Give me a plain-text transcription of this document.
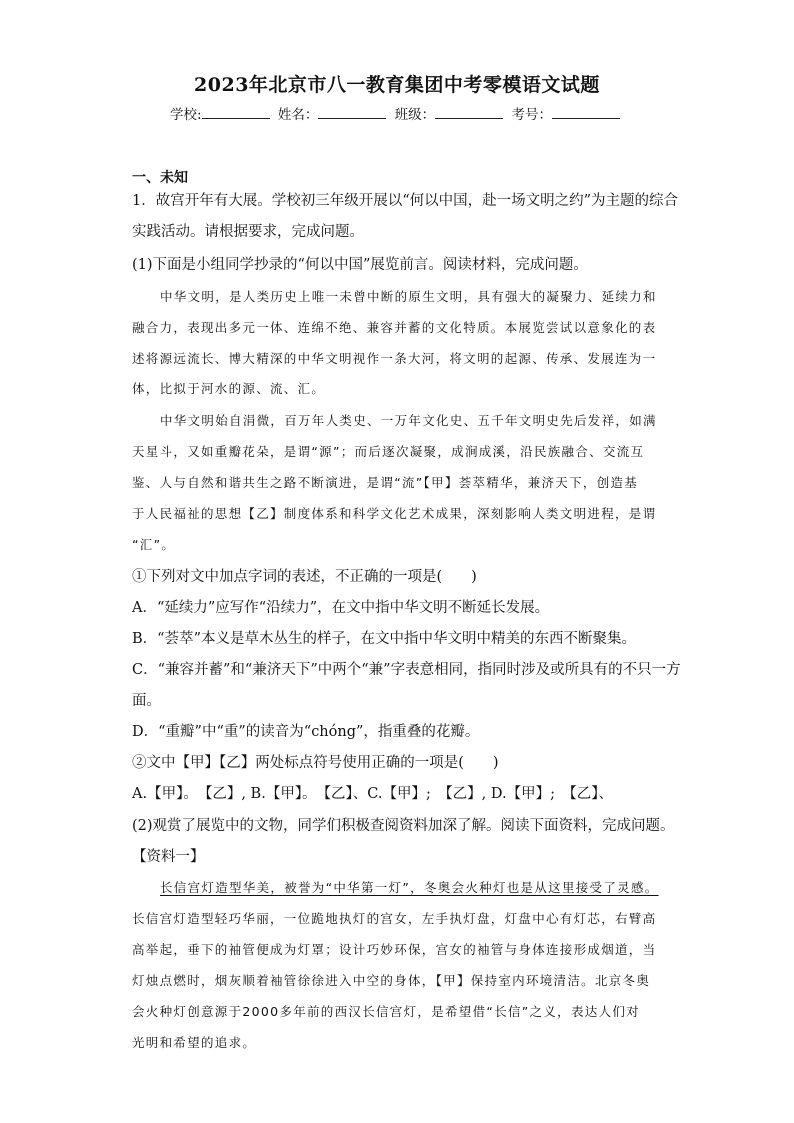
2023年北京市八一教育集团中考零模语文试题
学校:	姓名：	班级：	考号：
一、未知
1．故宫开年有大展。学校初三年级开展以“何以中国，赴一场文明之约”为主题的综合
实践活动。请根据要求，完成问题。
(1)下面是小组同学抄录的“何以中国”展览前言。阅读材料，完成问题。
中华文明，是人类历史上唯一未曾中断的原生文明，具有强大的凝聚力、延续力和
融合力，表现出多元一体、连绵不绝、兼容并蓄的文化特质。本展览尝试以意象化的表
述将源远流长、博大精深的中华文明视作一条大河，将文明的起源、传承、发展连为一
体，比拟于河水的源、流、汇。
中华文明始自涓微，百万年人类史、一万年文化史、五千年文明史先后发祥，如满
天星斗，又如重瓣花朵，是谓“源”；而后逐次凝聚，成涧成溪，沿民族融合、交流互
鉴、人与自然和谐共生之路不断演进，是谓“流”【甲】荟萃精华，兼济天下，创造基
于人民福祉的思想【乙】制度体系和科学文化艺术成果，深刻影响人类文明进程，是谓
“汇”。
①下列对文中加点字词的表述，不正确的一项是(　　)
A．“延续力”应写作“沿续力”，在文中指中华文明不断延长发展。
B．“荟萃”本义是草木丛生的样子，在文中指中华文明中精美的东西不断聚集。
C．“兼容并蓄”和“兼济天下”中两个“兼”字表意相同，指同时涉及或所具有的不只一方
面。
D．“重瓣”中“重”的读音为“chóng”，指重叠的花瓣。
②文中【甲】【乙】两处标点符号使用正确的一项是(　　)
A.【甲】。　【乙】, B.【甲】。　【乙】、C.【甲】;　【乙】, D.【甲】;　【乙】、
(2)观赏了展览中的文物，同学们积极查阅资料加深了解。阅读下面资料，完成问题。
【资料一】
长信宫灯造型华美，被誉为“中华第一灯”，冬奥会火种灯也是从这里接受了灵感。
长信宫灯造型轻巧华丽，一位跪地执灯的宫女，左手执灯盘，灯盘中心有灯芯，右臂高
高举起，垂下的袖管便成为灯罩；设计巧妙环保，宫女的袖管与身体连接形成烟道，当
灯烛点燃时，烟灰顺着袖管徐徐进入中空的身体，【甲】保持室内环境清洁。北京冬奥
会火种灯创意源于2000多年前的西汉长信宫灯，是希望借“长信”之义，表达人们对
光明和希望的追求。
